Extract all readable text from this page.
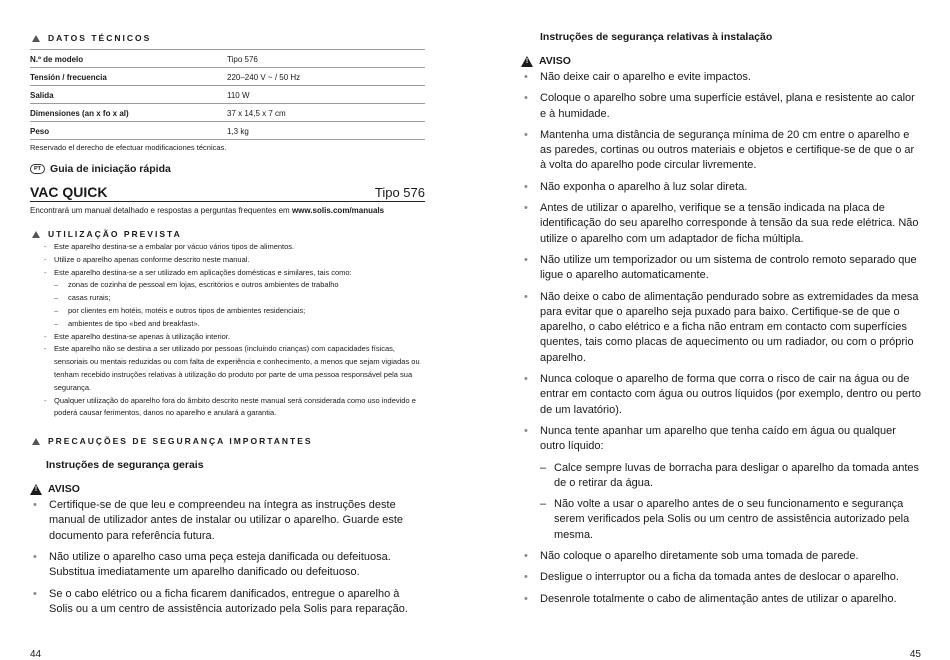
DATOS TÉCNICOS
N.º de modelo	Tipo 576
Tensión / frecuencia	220–240 V ~ / 50 Hz
Salida	110 W
Dimensiones (an x fo x al)	37 x 14,5 x 7 cm
Peso	1,3 kg
Reservado el derecho de efectuar modificaciones técnicas.
PT Guia de iniciação rápida
VAC QUICK	Tipo 576
Encontrará um manual detalhado e respostas a perguntas frequentes em www.solis.com/manuals
UTILIZAÇÃO PREVISTA
- Este aparelho destina-se a embalar por vácuo vários tipos de alimentos.
- Utilize o aparelho apenas conforme descrito neste manual.
- Este aparelho destina-se a ser utilizado em aplicações domésticas e similares, tais como:
– zonas de cozinha de pessoal em lojas, escritórios e outros ambientes de trabalho
– casas rurais;
– por clientes em hotéis, motéis e outros tipos de ambientes residenciais;
– ambientes de tipo «bed and breakfast».
- Este aparelho destina-se apenas à utilização interior.
- Este aparelho não se destina a ser utilizado por pessoas (incluindo crianças) com capacidades físicas, sensoriais ou mentais reduzidas ou com falta de experiência e conhecimento, a menos que sejam vigiadas ou tenham recebido instruções relativas à utilização do produto por parte de uma pessoa responsável pela sua segurança.
- Qualquer utilização do aparelho fora do âmbito descrito neste manual será considerada como uso indevido e poderá causar ferimentos, danos no aparelho e anulará a garantia.
PRECAUÇÕES DE SEGURANÇA IMPORTANTES
Instruções de segurança gerais
!
AVISO
• Certifique-se de que leu e compreendeu na íntegra as instruções deste manual de utilizador antes de instalar ou utilizar o aparelho. Guarde este documento para referência futura.
• Não utilize o aparelho caso uma peça esteja danificada ou defeituosa. Substitua imediatamente um aparelho danificado ou defeituoso.
• Se o cabo elétrico ou a ficha ficarem danificados, entregue o aparelho à Solis ou a um centro de assistência autorizado pela Solis para reparação.
44
Instruções de segurança relativas à instalação
!
AVISO
• Não deixe cair o aparelho e evite impactos.
• Coloque o aparelho sobre uma superfície estável, plana e resistente ao calor e à humidade.
• Mantenha uma distância de segurança mínima de 20 cm entre o aparelho e as paredes, cortinas ou outros materiais e objetos e certifique-se de que o ar à volta do aparelho pode circular livremente.
• Não exponha o aparelho à luz solar direta.
• Antes de utilizar o aparelho, verifique se a tensão indicada na placa de identificação do seu aparelho corresponde à tensão da sua rede elétrica. Não utilize o aparelho com um adaptador de ficha múltipla.
• Não utilize um temporizador ou um sistema de controlo remoto separado que ligue o aparelho automaticamente.
• Não deixe o cabo de alimentação pendurado sobre as extremidades da mesa para evitar que o aparelho seja puxado para baixo. Certifique-se de que o aparelho, o cabo elétrico e a ficha não entram em contacto com superfícies quentes, tais como placas de aquecimento ou um radiador, ou com o próprio aparelho.
• Nunca coloque o aparelho de forma que corra o risco de cair na água ou de entrar em contacto com água ou outros líquidos (por exemplo, dentro ou perto de um lavatório).
• Nunca tente apanhar um aparelho que tenha caído em água ou qualquer outro líquido:
– Calce sempre luvas de borracha para desligar o aparelho da tomada antes de o retirar da água.
– Não volte a usar o aparelho antes de o seu funcionamento e segurança serem verificados pela Solis ou um centro de assistência autorizado pela mesma.
• Não coloque o aparelho diretamente sob uma tomada de parede.
• Desligue o interruptor ou a ficha da tomada antes de deslocar o aparelho.
• Desenrole totalmente o cabo de alimentação antes de utilizar o aparelho.
45
